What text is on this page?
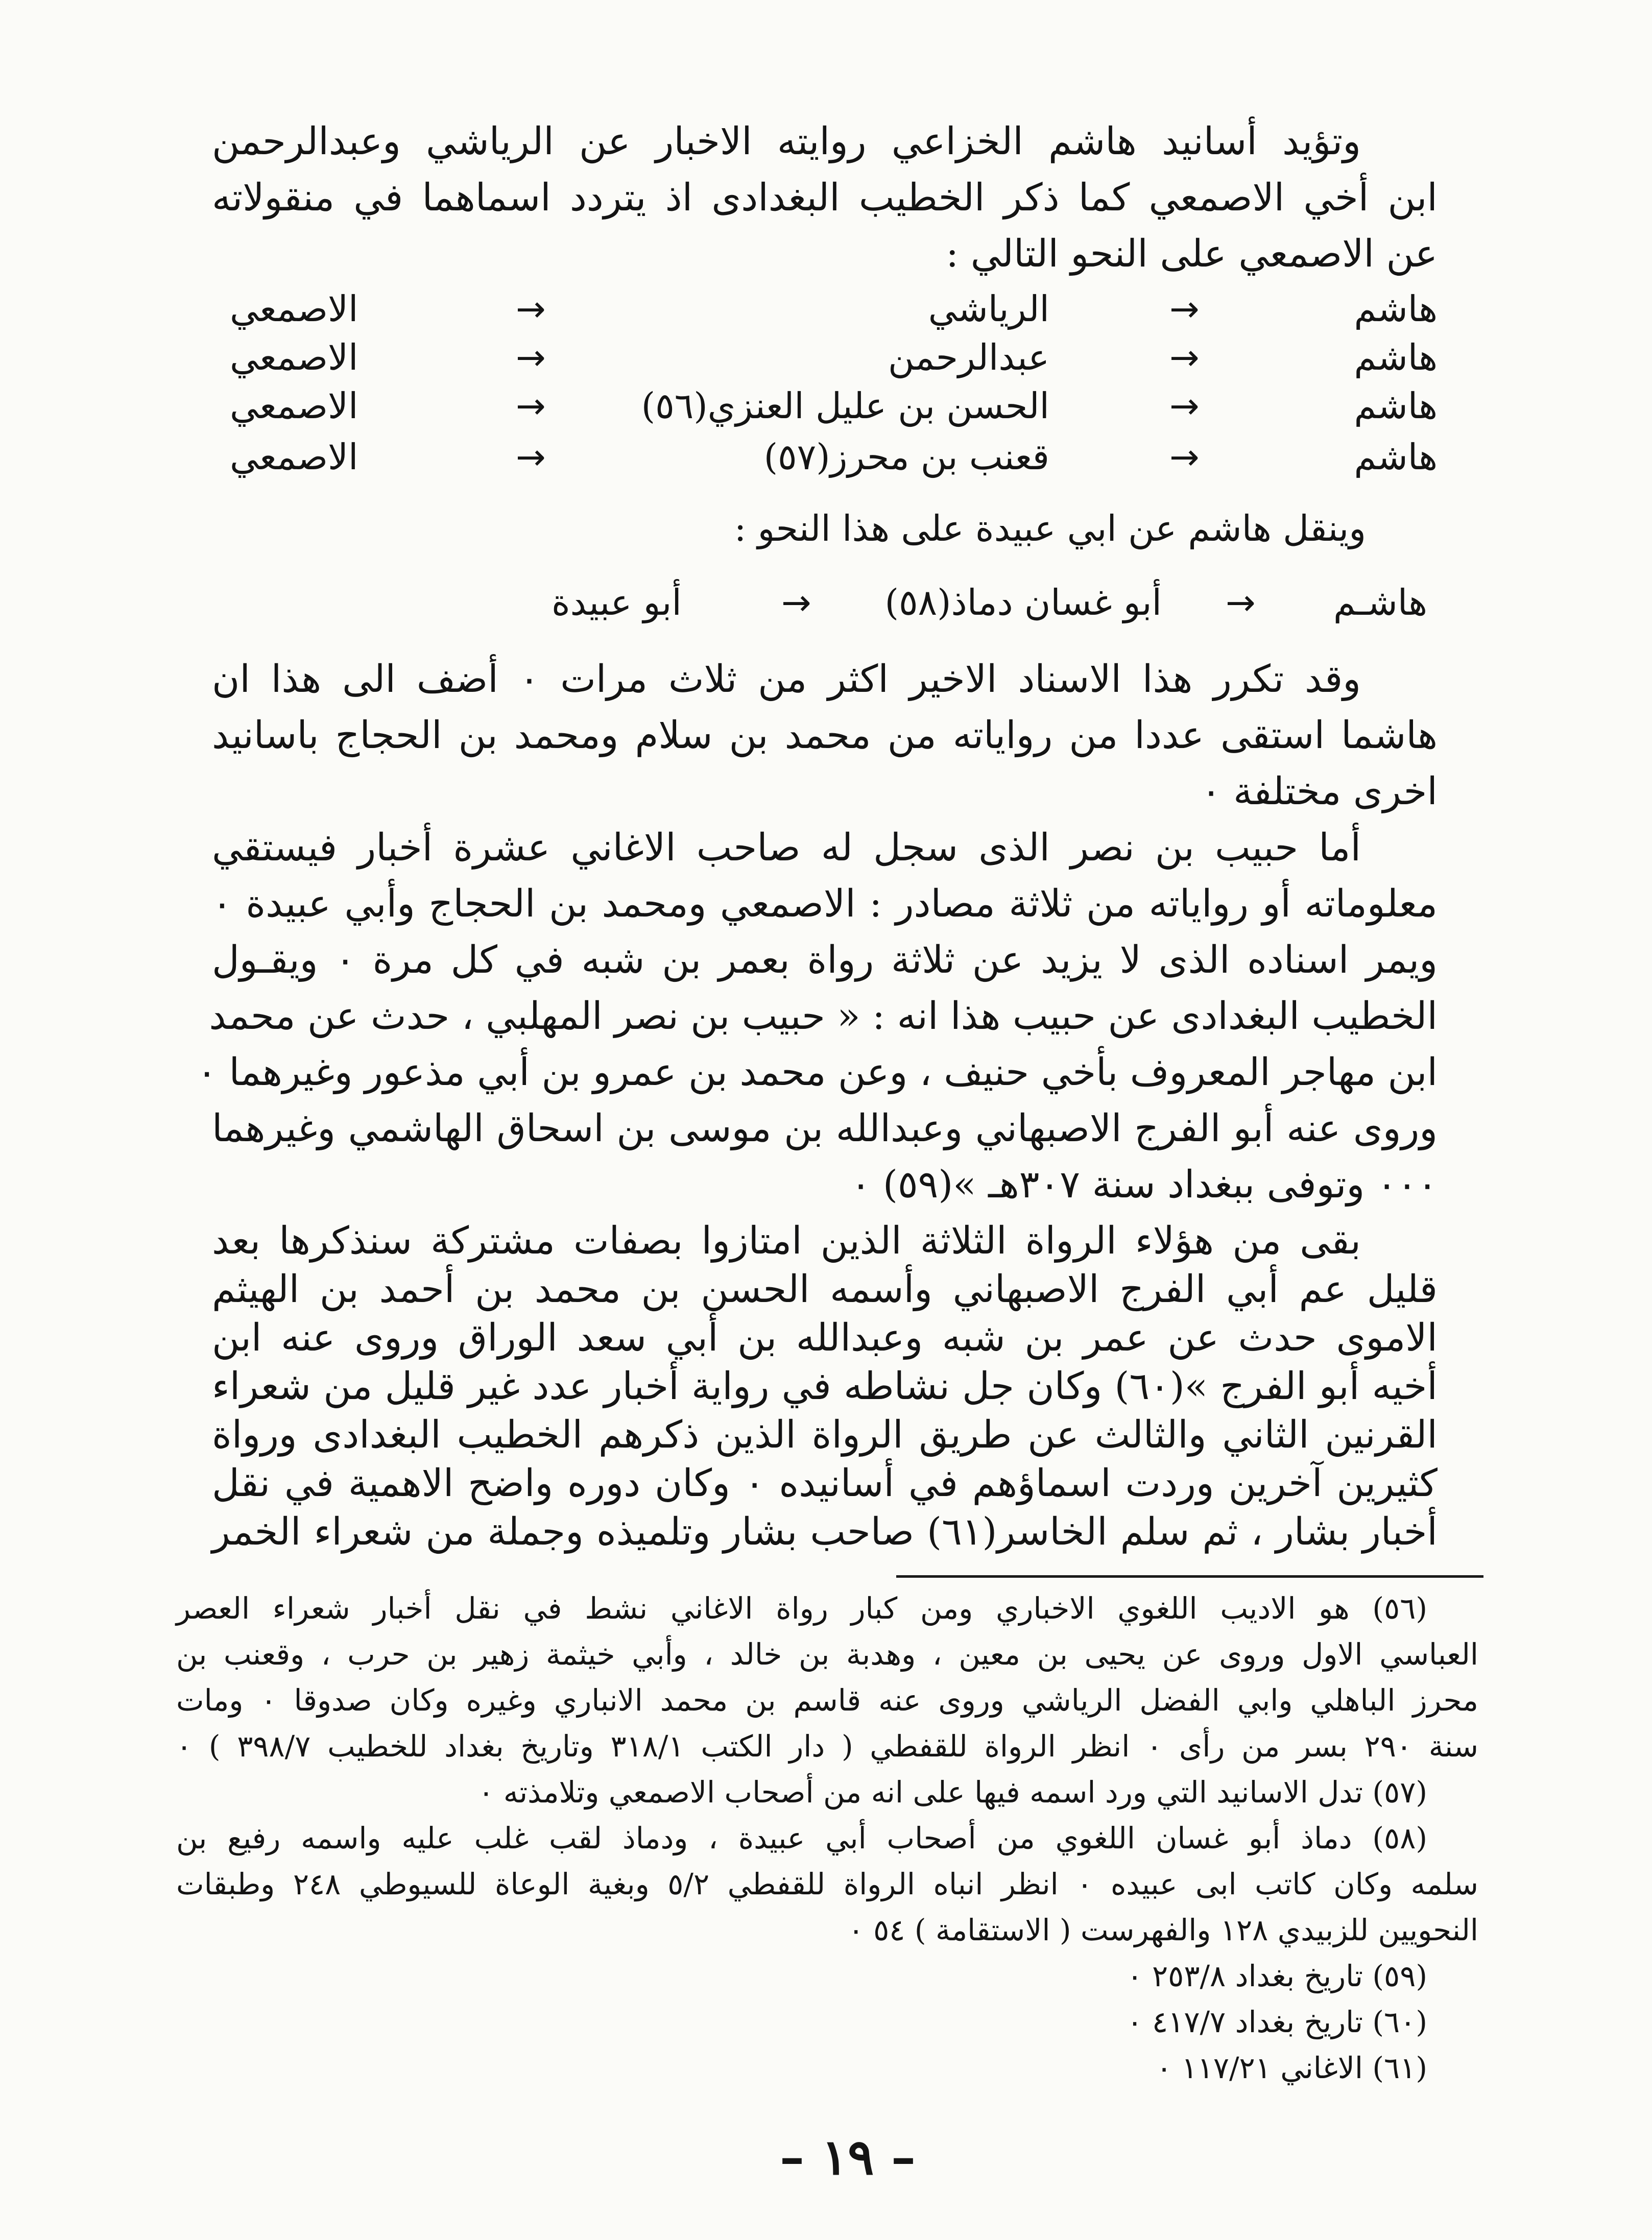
وتؤيد أسانيد هاشم الخزاعي روايته الاخبار عن الرياشي وعبدالرحمن
ابن أخي الاصمعي كما ذكر الخطيب البغدادى اذ يتردد اسماهما في منقولاته
عن الاصمعي على النحو التالي :
هاشم
هاشم
هاشم
هاشم
الرياشي
عبدالرحمن
الحسن بن عليل العنزي(٥٦)
قعنب بن محرز(٥٧)
الاصمعي
الاصمعي
الاصمعي
الاصمعي
→
→
→
→
→
→
→
→
وينقل هاشم عن ابي عبيدة على هذا النحو :
هاشـم
أبو غسان دماذ(٥٨)
أبو عبيدة	→
→
وقد تكرر هذا الاسناد الاخير اكثر من ثلاث مرات ٠ أضف الى هذا ان
هاشما استقى عددا من رواياته من محمد بن سلام ومحمد بن الحجاج باسانيد
اخرى مختلفة ٠
أما حبيب بن نصر الذى سجل له صاحب الاغاني عشرة أخبار فيستقي
معلوماته أو رواياته من ثلاثة مصادر : الاصمعي ومحمد بن الحجاج وأبي عبيدة ٠
ويمر اسناده الذى لا يزيد عن ثلاثة رواة بعمر بن شبه في كل مرة ٠ ويقـول
الخطيب البغدادى عن حبيب هذا انه : « حبيب بن نصر المهلبي ، حدث عن محمد
ابن مهاجر المعروف بأخي حنيف ، وعن محمد بن عمرو بن أبي مذعور وغيرهما ٠
وروى عنه أبو الفرج الاصبهاني وعبدالله بن موسى بن اسحاق الهاشمي وغيرهما
٠٠٠ وتوفى ببغداد سنة ٣٠٧هـ »(٥٩) ٠
بقى من هؤلاء الرواة الثلاثة الذين امتازوا بصفات مشتركة سنذكرها بعد
قليل عم أبي الفرج الاصبهاني وأسمه الحسن بن محمد بن أحمد بن الهيثم
الاموى حدث عن عمر بن شبه وعبدالله بن أبي سعد الوراق وروى عنه ابن
أخيه أبو الفرج »(٦٠) وكان جل نشاطه في رواية أخبار عدد غير قليل من شعراء
القرنين الثاني والثالث عن طريق الرواة الذين ذكرهم الخطيب البغدادى ورواة
كثيرين آخرين وردت اسماؤهم في أسانيده ٠ وكان دوره واضح الاهمية في نقل
أخبار بشار ، ثم سلم الخاسر(٦١) صاحب بشار وتلميذه وجملة من شعراء الخمر
(٥٦) هو الاديب اللغوي الاخباري ومن كبار رواة الاغاني نشط في نقل أخبار شعراء العصر
العباسي الاول وروى عن يحيى بن معين ، وهدبة بن خالد ، وأبي خيثمة زهير بن حرب ، وقعنب بن
محرز الباهلي وابي الفضل الرياشي وروى عنه قاسم بن محمد الانباري وغيره وكان صدوقا ٠ ومات
سنة ٢٩٠ بسر من رأى ٠ انظر الرواة للقفطي ( دار الكتب ٣١٨/١ وتاريخ بغداد للخطيب ٣٩٨/٧ ) ٠
(٥٧) تدل الاسانيد التي ورد اسمه فيها على انه من أصحاب الاصمعي وتلامذته ٠
(٥٨) دماذ أبو غسان اللغوي من أصحاب أبي عبيدة ، ودماذ لقب غلب عليه واسمه رفيع بن
سلمه وكان كاتب ابى عبيده ٠ انظر انباه الرواة للقفطي ٥/٢ وبغية الوعاة للسيوطي ٢٤٨ وطبقات
النحويين للزبيدي ١٢٨ والفهرست ( الاستقامة ) ٥٤ ٠
(٥٩) تاريخ بغداد ٢٥٣/٨ ٠
(٦٠) تاريخ بغداد ٤١٧/٧ ٠
(٦١) الاغاني ١١٧/٢١ ٠
– ١٩ –
